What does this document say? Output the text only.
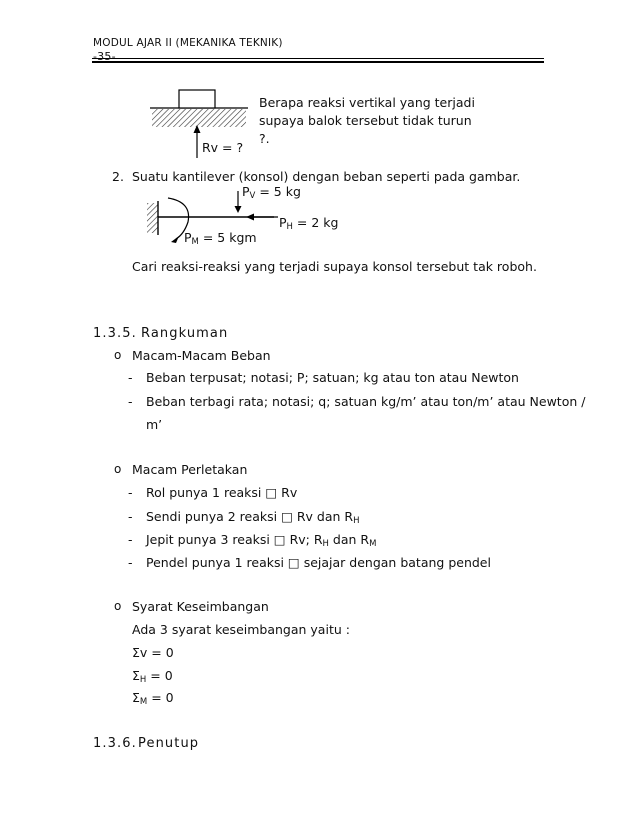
MODUL AJAR II (MEKANIKA TEKNIK)
-35-
Berapa reaksi vertikal yang terjadi
supaya balok tersebut tidak turun
?.
Rv = ?
2. Suatu kantilever (konsol) dengan beban seperti pada gambar.
$P_V = 5$ kg
$P_H = 2$ kg
$P_M = 5$ kgm
Cari reaksi-reaksi yang terjadi supaya konsol tersebut tak roboh.
1.3.5. Rangkuman
o Macam-Macam Beban
- Beban terpusat; notasi; P; satuan; kg atau ton atau Newton
- Beban terbagi rata; notasi; q; satuan kg/m’ atau ton/m’ atau Newton /
m’
o Macam Perletakan
- Rol punya 1 reaksi □ Rv
- Sendi punya 2 reaksi □ Rv dan $R_H$
- Jepit punya 3 reaksi □ Rv; $R_H$ dan $R_M$
- Pendel punya 1 reaksi □ sejajar dengan batang pendel
o Syarat Keseimbangan
Ada 3 syarat keseimbangan yaitu :
Σv = 0
$\Sigma_H = 0$
$\Sigma_M = 0$
1.3.6. Penutup
